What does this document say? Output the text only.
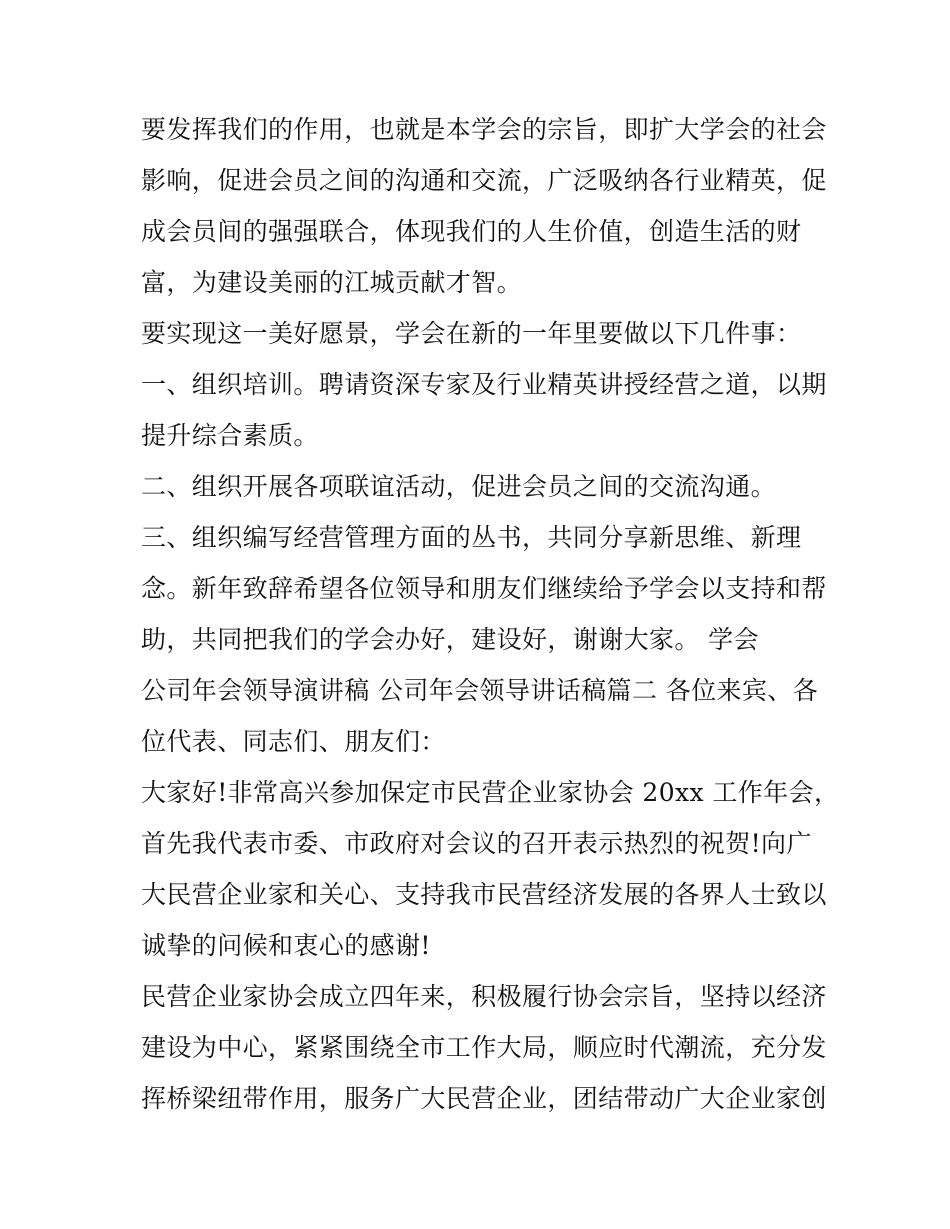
要发挥我们的作用，也就是本学会的宗旨，即扩大学会的社会
影响，促进会员之间的沟通和交流，广泛吸纳各行业精英，促
成会员间的强强联合，体现我们的人生价值，创造生活的财
富，为建设美丽的江城贡献才智。
要实现这一美好愿景，学会在新的一年里要做以下几件事：
一、组织培训。聘请资深专家及行业精英讲授经营之道，以期
提升综合素质。
二、组织开展各项联谊活动，促进会员之间的交流沟通。
三、组织编写经营管理方面的丛书，共同分享新思维、新理
念。新年致辞希望各位领导和朋友们继续给予学会以支持和帮
助，共同把我们的学会办好，建设好，谢谢大家。 学会
公司年会领导演讲稿 公司年会领导讲话稿篇二 各位来宾、各
位代表、同志们、朋友们：
大家好!非常高兴参加保定市民营企业家协会 20xx 工作年会，
首先我代表市委、市政府对会议的召开表示热烈的祝贺!向广
大民营企业家和关心、支持我市民营经济发展的各界人士致以
诚挚的问候和衷心的感谢!
民营企业家协会成立四年来，积极履行协会宗旨，坚持以经济
建设为中心，紧紧围绕全市工作大局，顺应时代潮流，充分发
挥桥梁纽带作用，服务广大民营企业，团结带动广大企业家创
